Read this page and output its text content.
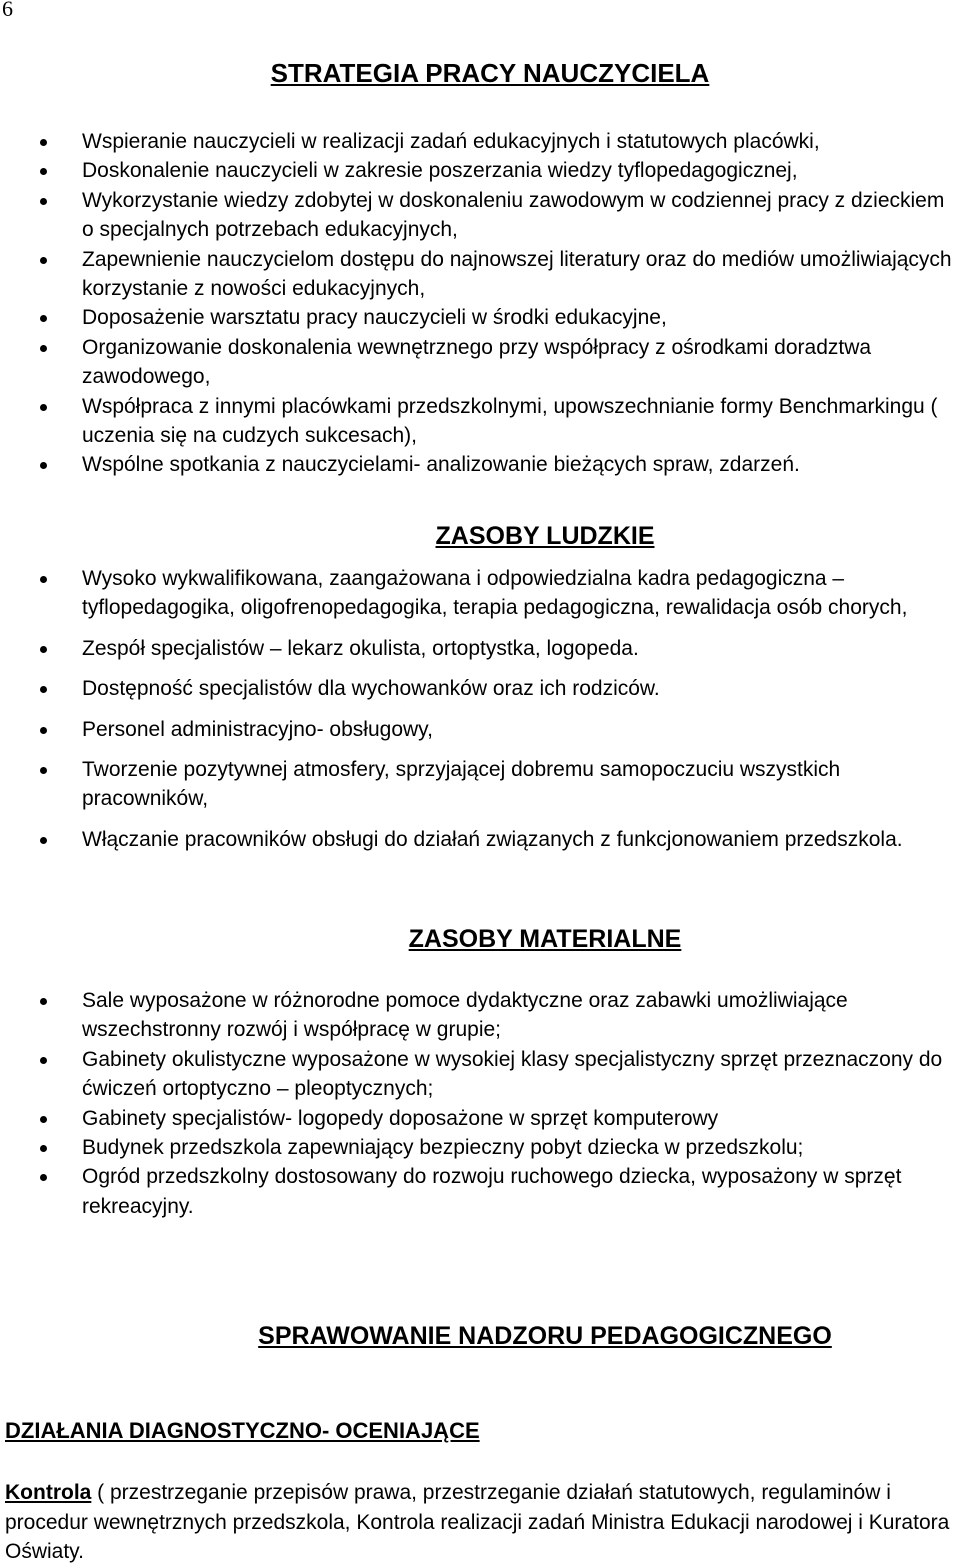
6
STRATEGIA PRACY NAUCZYCIELA
Wspieranie nauczycieli w realizacji zadań edukacyjnych i statutowych placówki,
Doskonalenie nauczycieli w zakresie poszerzania wiedzy tyflopedagogicznej,
Wykorzystanie wiedzy zdobytej w doskonaleniu zawodowym w codziennej pracy z dzieckiem o specjalnych potrzebach edukacyjnych,
Zapewnienie nauczycielom dostępu do najnowszej literatury oraz do mediów umożliwiających korzystanie z nowości edukacyjnych,
Doposażenie warsztatu pracy nauczycieli w środki edukacyjne,
Organizowanie doskonalenia wewnętrznego przy współpracy z ośrodkami doradztwa zawodowego,
Współpraca z innymi placówkami przedszkolnymi, upowszechnianie formy Benchmarkingu ( uczenia się na cudzych sukcesach),
Wspólne spotkania z nauczycielami- analizowanie bieżących spraw, zdarzeń.
ZASOBY LUDZKIE
Wysoko wykwalifikowana, zaangażowana i odpowiedzialna kadra pedagogiczna – tyflopedagogika, oligofrenopedagogika, terapia pedagogiczna, rewalidacja osób chorych,
Zespół specjalistów – lekarz okulista, ortoptystka, logopeda.
Dostępność specjalistów dla wychowanków oraz ich rodziców.
Personel administracyjno- obsługowy,
Tworzenie pozytywnej atmosfery, sprzyjającej dobremu samopoczuciu wszystkich pracowników,
Włączanie pracowników obsługi do działań związanych z funkcjonowaniem przedszkola.
ZASOBY MATERIALNE
Sale wyposażone w różnorodne pomoce dydaktyczne oraz zabawki umożliwiające wszechstronny rozwój i współpracę w grupie;
Gabinety okulistyczne wyposażone w wysokiej klasy specjalistyczny sprzęt przeznaczony do ćwiczeń ortoptyczno – pleoptycznych;
Gabinety specjalistów- logopedy doposażone w sprzęt komputerowy
Budynek przedszkola zapewniający bezpieczny pobyt dziecka w przedszkolu;
Ogród przedszkolny dostosowany do rozwoju ruchowego dziecka, wyposażony w sprzęt rekreacyjny.
SPRAWOWANIE NADZORU PEDAGOGICZNEGO
DZIAŁANIA DIAGNOSTYCZNO- OCENIAJĄCE

Kontrola ( przestrzeganie przepisów prawa, przestrzeganie działań statutowych, regulaminów i procedur wewnętrznych przedszkola, Kontrola realizacji zadań Ministra Edukacji narodowej i Kuratora Oświaty.
